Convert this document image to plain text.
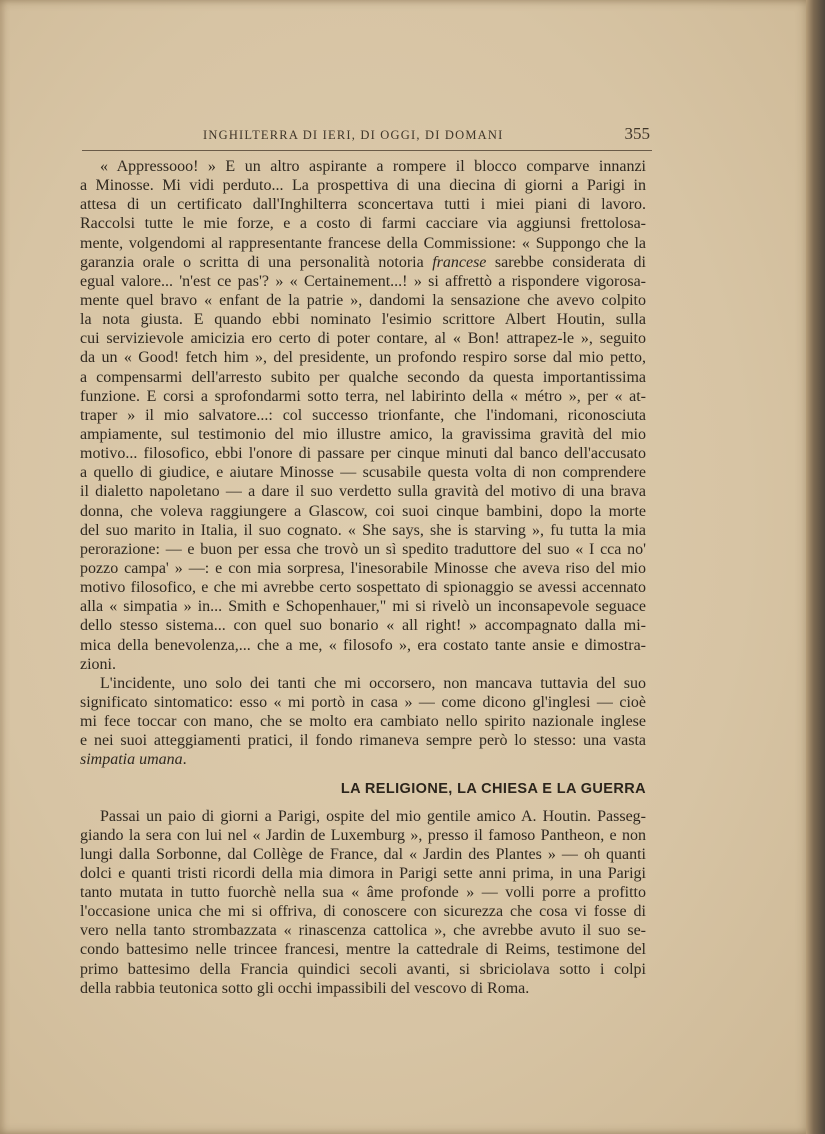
INGHILTERRA DI IERI, DI OGGI, DI DOMANI	355
« Appressooo! » E un altro aspirante a rompere il blocco comparve innanzi
a Minosse. Mi vidi perduto... La prospettiva di una diecina di giorni a Parigi in
attesa di un certificato dall'Inghilterra sconcertava tutti i miei piani di lavoro.
Raccolsi tutte le mie forze, e a costo di farmi cacciare via aggiunsi frettolosa-
mente, volgendomi al rappresentante francese della Commissione: « Suppongo che la
garanzia orale o scritta di una personalità notoria francese sarebbe considerata di
egual valore... 'n'est ce pas'? » « Certainement...! » si affrettò a rispondere vigorosa-
mente quel bravo « enfant de la patrie », dandomi la sensazione che avevo colpito
la nota giusta. E quando ebbi nominato l'esimio scrittore Albert Houtin, sulla
cui servizievole amicizia ero certo di poter contare, al « Bon! attrapez-le », seguito
da un « Good! fetch him », del presidente, un profondo respiro sorse dal mio petto,
a compensarmi dell'arresto subito per qualche secondo da questa importantissima
funzione. E corsi a sprofondarmi sotto terra, nel labirinto della « métro », per « at-
traper » il mio salvatore...: col successo trionfante, che l'indomani, riconosciuta
ampiamente, sul testimonio del mio illustre amico, la gravissima gravità del mio
motivo... filosofico, ebbi l'onore di passare per cinque minuti dal banco dell'accusato
a quello di giudice, e aiutare Minosse — scusabile questa volta di non comprendere
il dialetto napoletano — a dare il suo verdetto sulla gravità del motivo di una brava
donna, che voleva raggiungere a Glascow, coi suoi cinque bambini, dopo la morte
del suo marito in Italia, il suo cognato. « She says, she is starving », fu tutta la mia
perorazione: — e buon per essa che trovò un sì spedito traduttore del suo « I cca no'
pozzo campa' » —: e con mia sorpresa, l'inesorabile Minosse che aveva riso del mio
motivo filosofico, e che mi avrebbe certo sospettato di spionaggio se avessi accennato
alla « simpatia » in... Smith e Schopenhauer," mi si rivelò un inconsapevole seguace
dello stesso sistema... con quel suo bonario « all right! » accompagnato dalla mi-
mica della benevolenza,... che a me, « filosofo », era costato tante ansie e dimostra-
zioni.
L'incidente, uno solo dei tanti che mi occorsero, non mancava tuttavia del suo
significato sintomatico: esso « mi portò in casa » — come dicono gl'inglesi — cioè
mi fece toccar con mano, che se molto era cambiato nello spirito nazionale inglese
e nei suoi atteggiamenti pratici, il fondo rimaneva sempre però lo stesso: una vasta
simpatia umana.
LA RELIGIONE, LA CHIESA E LA GUERRA
Passai un paio di giorni a Parigi, ospite del mio gentile amico A. Houtin. Passeg-
giando la sera con lui nel « Jardin de Luxemburg », presso il famoso Pantheon, e non
lungi dalla Sorbonne, dal Collège de France, dal « Jardin des Plantes » — oh quanti
dolci e quanti tristi ricordi della mia dimora in Parigi sette anni prima, in una Parigi
tanto mutata in tutto fuorchè nella sua « âme profonde » — volli porre a profitto
l'occasione unica che mi si offriva, di conoscere con sicurezza che cosa vi fosse di
vero nella tanto strombazzata « rinascenza cattolica », che avrebbe avuto il suo se-
condo battesimo nelle trincee francesi, mentre la cattedrale di Reims, testimone del
primo battesimo della Francia quindici secoli avanti, si sbriciolava sotto i colpi
della rabbia teutonica sotto gli occhi impassibili del vescovo di Roma.
